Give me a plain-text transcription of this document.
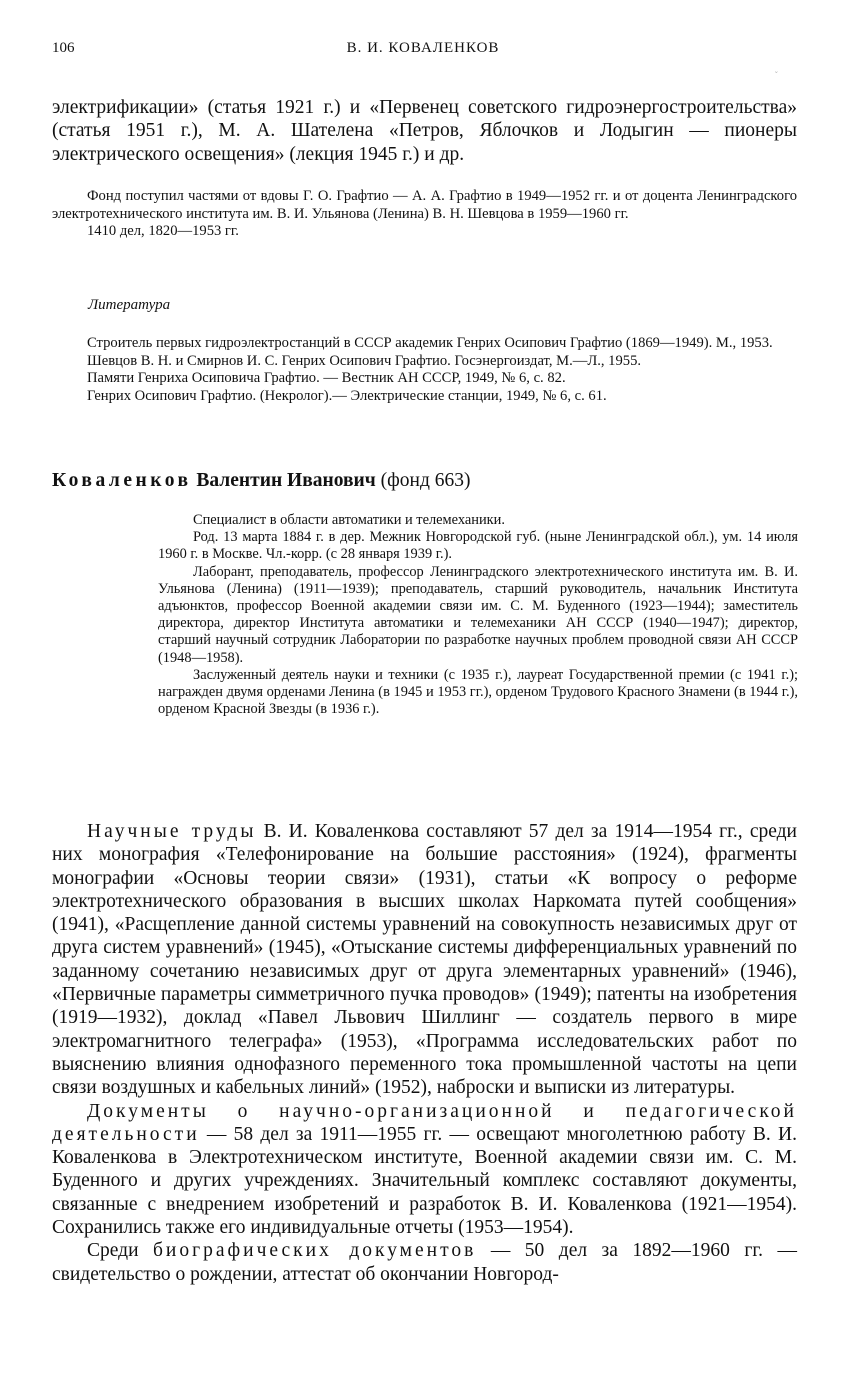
106	В. И. КОВАЛЕНКОВ
˘
электрификации» (статья 1921 г.) и «Первенец советского гидроэнергостроительства» (статья 1951 г.), М. А. Шателена «Петров, Яблочков и Лодыгин — пионеры электрического освещения» (лекция 1945 г.) и др.

Фонд поступил частями от вдовы Г. О. Графтио — А. А. Графтио в 1949—1952 гг. и от доцента Ленинградского электротехнического института им. В. И. Ульянова (Ленина) В. Н. Шевцова в 1959—1960 гг.

1410 дел, 1820—1953 гг.

Литература

Строитель первых гидроэлектростанций в СССР академик Генрих Осипович Графтио (1869—1949). М., 1953.

Шевцов В. Н. и Смирнов И. С. Генрих Осипович Графтио. Госэнергоиздат, М.—Л., 1955.

Памяти Генриха Осиповича Графтио. — Вестник АН СССР, 1949, № 6, с. 82.

Генрих Осипович Графтио. (Некролог).— Электрические станции, 1949, № 6, с. 61.

Коваленков Валентин Иванович (фонд 663)

Специалист в области автоматики и телемеханики.

Род. 13 марта 1884 г. в дер. Межник Новгородской губ. (ныне Ленинградской обл.), ум. 14 июля 1960 г. в Москве. Чл.-корр. (с 28 января 1939 г.).

Лаборант, преподаватель, профессор Ленинградского электротехнического института им. В. И. Ульянова (Ленина) (1911—1939); преподаватель, старший руководитель, начальник Института адъюнктов, профессор Военной академии связи им. С. М. Буденного (1923—1944); заместитель директора, директор Института автоматики и телемеханики АН СССР (1940—1947); директор, старший научный сотрудник Лаборатории по разработке научных проблем проводной связи АН СССР (1948—1958).

Заслуженный деятель науки и техники (с 1935 г.), лауреат Государственной премии (с 1941 г.); награжден двумя орденами Ленина (в 1945 и 1953 гг.), орденом Трудового Красного Знамени (в 1944 г.), орденом Красной Звезды (в 1936 г.).

Научные труды В. И. Коваленкова составляют 57 дел за 1914—1954 гг., среди них монография «Телефонирование на большие расстояния» (1924), фрагменты монографии «Основы теории связи» (1931), статьи «К вопросу о реформе электротехнического образования в высших школах Наркомата путей сообщения» (1941), «Расщепление данной системы уравнений на совокупность независимых друг от друга систем уравнений» (1945), «Отыскание системы дифференциальных уравнений по заданному сочетанию независимых друг от друга элементарных уравнений» (1946), «Первичные параметры симметричного пучка проводов» (1949); патенты на изобретения (1919—1932), доклад «Павел Львович Шиллинг — создатель первого в мире электромагнитного телеграфа» (1953), «Программа исследовательских работ по выяснению влияния однофазного переменного тока промышленной частоты на цепи связи воздушных и кабельных линий» (1952), наброски и выписки из литературы.

Документы о научно-организационной и педагогической деятельности — 58 дел за 1911—1955 гг. — освещают многолетнюю работу В. И. Коваленкова в Электротехническом институте, Военной академии связи им. С. М. Буденного и других учреждениях. Значительный комплекс составляют документы, связанные с внедрением изобретений и разработок В. И. Коваленкова (1921—1954). Сохранились также его индивидуальные отчеты (1953—1954).

Среди биографических документов — 50 дел за 1892—1960 гг. — свидетельство о рождении, аттестат об окончании Новгород-
